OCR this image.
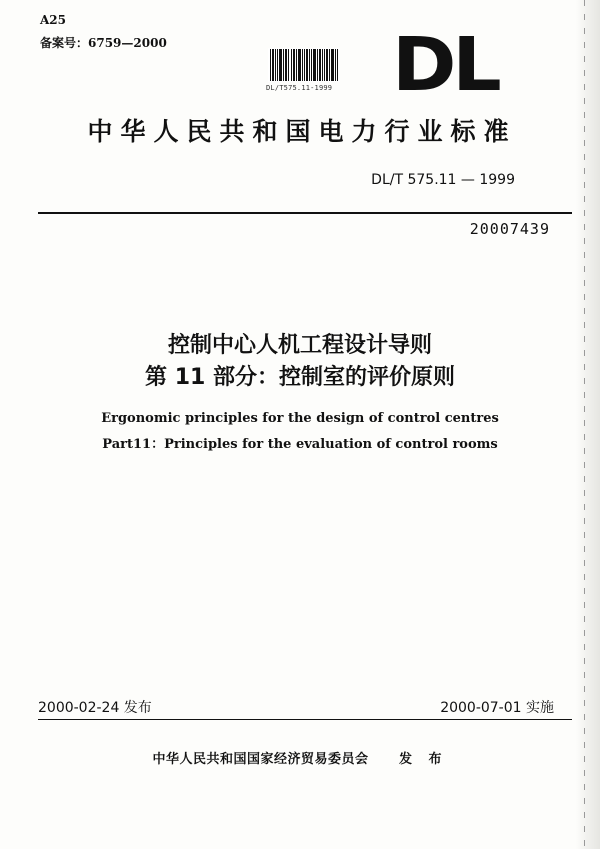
A25
备案号：6759—2000
DL/T575.11-1999 DL
中华人民共和国电力行业标准
DL/T 575.11 — 1999
20007439
控制中心人机工程设计导则
第 11 部分：控制室的评价原则
Ergonomic principles for the design of control centres
Part11：Principles for the evaluation of control rooms
2000-02-24 发布	2000-07-01 实施
中华人民共和国国家经济贸易委员会 发 布
